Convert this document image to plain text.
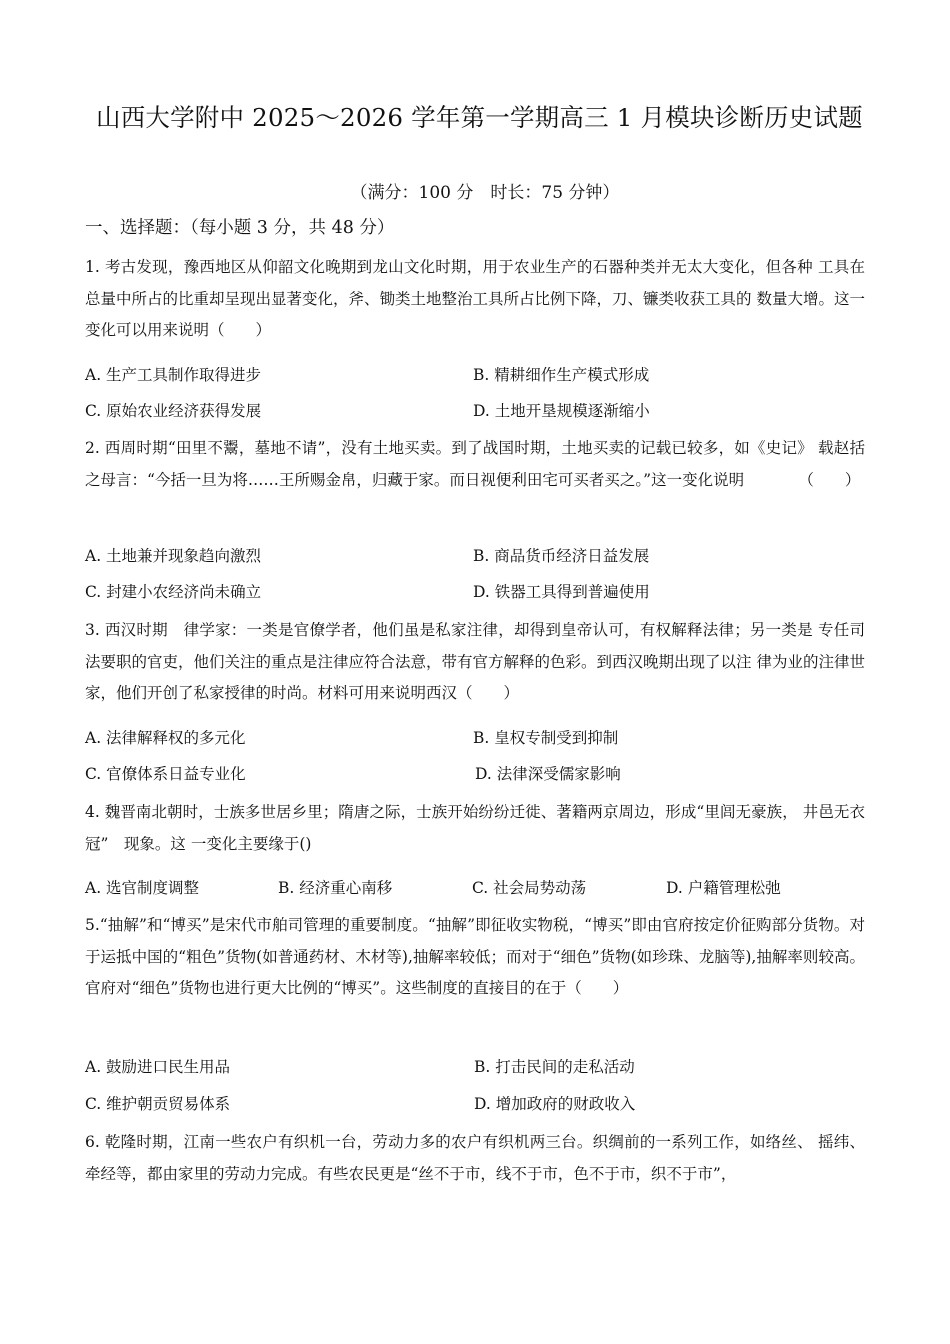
山西大学附中 2025～2026 学年第一学期高三 1 月模块诊断历史试题
（满分：100 分　时长：75 分钟）
一、选择题：（每小题 3 分，共 48 分）
1. 考古发现，豫西地区从仰韶文化晚期到龙山文化时期，用于农业生产的石器种类并无太大变化，但各种 工具在总量中所占的比重却呈现出显著变化，斧、锄类土地整治工具所占比例下降，刀、镰类收获工具的 数量大增。这一变化可以用来说明（　　）
A. 生产工具制作取得进步	B. 精耕细作生产模式形成
C. 原始农业经济获得发展	D. 土地开垦规模逐渐缩小
2. 西周时期“田里不鬻，墓地不请”，没有土地买卖。到了战国时期，土地买卖的记载已较多，如《史记》 载赵括之母言：“今括一旦为将……王所赐金帛，归藏于家。而日视便利田宅可买者买之。”这一变化说明　　　　（　　）
A. 土地兼并现象趋向激烈	B. 商品货币经济日益发展
C. 封建小农经济尚未确立	D. 铁器工具得到普遍使用
3. 西汉时期　律学家：一类是官僚学者，他们虽是私家注律，却得到皇帝认可，有权解释法律；另一类是 专任司法要职的官吏，他们关注的重点是注律应符合法意，带有官方解释的色彩。到西汉晚期出现了以注 律为业的注律世家，他们开创了私家授律的时尚。材料可用来说明西汉（　　）
A. 法律解释权的多元化	B. 皇权专制受到抑制
C. 官僚体系日益专业化	D. 法律深受儒家影响
4. 魏晋南北朝时，士族多世居乡里；隋唐之际，士族开始纷纷迁徙、著籍两京周边，形成“里闾无豪族， 井邑无衣冠”　现象。这 一变化主要缘于()
A. 选官制度调整	B. 经济重心南移	C. 社会局势动荡	D. 户籍管理松弛
5.“抽解”和“博买”是宋代市舶司管理的重要制度。“抽解”即征收实物税，“博买”即由官府按定价征购部分货物。对于运抵中国的“粗色”货物(如普通药材、木材等),抽解率较低；而对于“细色”货物(如珍珠、龙脑等),抽解率则较高。官府对“细色”货物也进行更大比例的“博买”。这些制度的直接目的在于（　　）
A. 鼓励进口民生用品	B. 打击民间的走私活动
C. 维护朝贡贸易体系	D. 增加政府的财政收入
6. 乾隆时期，江南一些农户有织机一台，劳动力多的农户有织机两三台。织绸前的一系列工作，如络丝、 摇纬、牵经等，都由家里的劳动力完成。有些农民更是“丝不于市，线不于市，色不于市，织不于市”，
